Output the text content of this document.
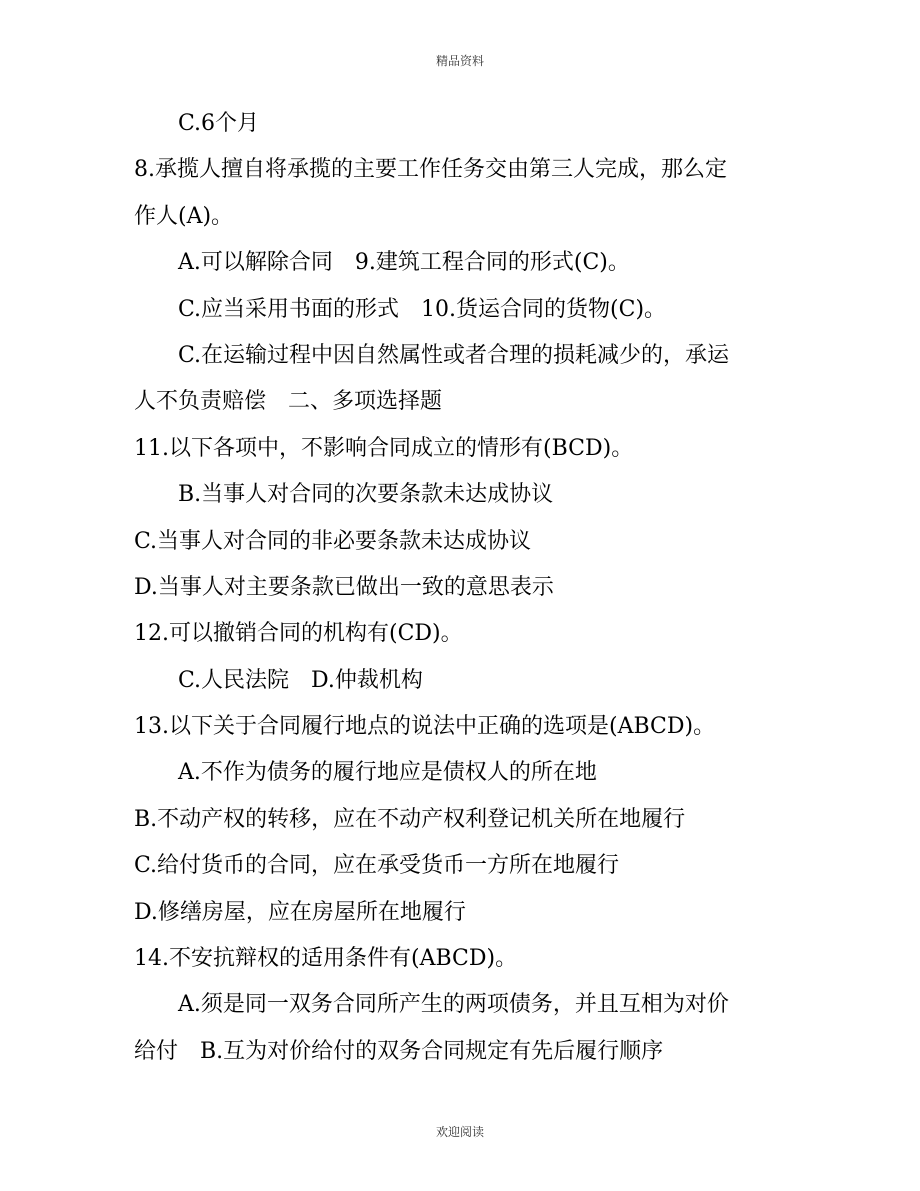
精品资料
C.6个月
8.承揽人擅自将承揽的主要工作任务交由第三人完成，那么定
作人(A)。
A.可以解除合同　9.建筑工程合同的形式(C)。
C.应当采用书面的形式　10.货运合同的货物(C)。
C.在运输过程中因自然属性或者合理的损耗减少的，承运
人不负责赔偿　二、多项选择题
11.以下各项中，不影响合同成立的情形有(BCD)。
B.当事人对合同的次要条款未达成协议
C.当事人对合同的非必要条款未达成协议
D.当事人对主要条款已做出一致的意思表示
12.可以撤销合同的机构有(CD)。
C.人民法院　D.仲裁机构
13.以下关于合同履行地点的说法中正确的选项是(ABCD)。
A.不作为债务的履行地应是债权人的所在地
B.不动产权的转移，应在不动产权利登记机关所在地履行
C.给付货币的合同，应在承受货币一方所在地履行
D.修缮房屋，应在房屋所在地履行
14.不安抗辩权的适用条件有(ABCD)。
A.须是同一双务合同所产生的两项债务，并且互相为对价
给付　B.互为对价给付的双务合同规定有先后履行顺序
欢迎阅读
